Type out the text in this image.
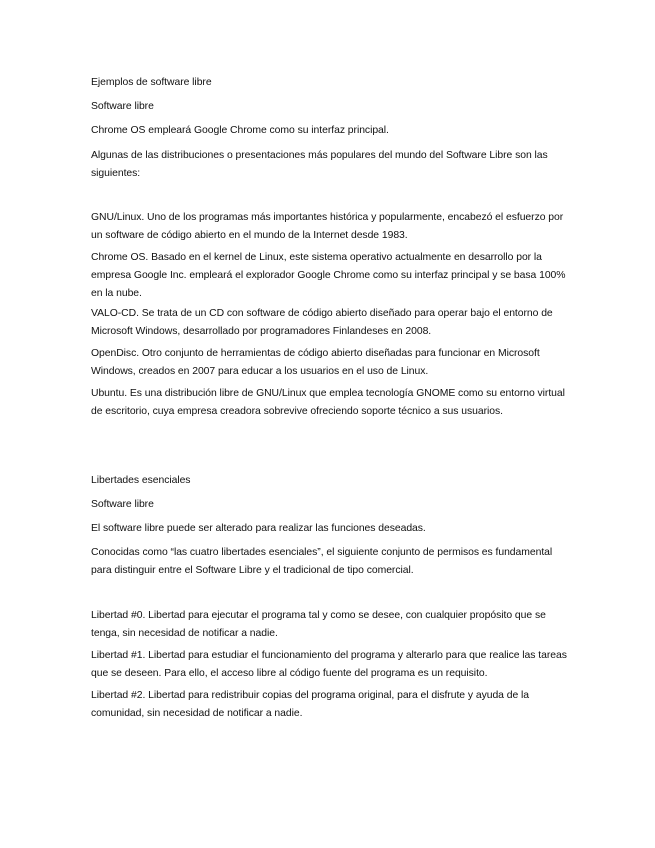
Ejemplos de software libre

Software libre

Chrome OS empleará Google Chrome como su interfaz principal.

Algunas de las distribuciones o presentaciones más populares del mundo del Software Libre son las siguientes:

GNU/Linux. Uno de los programas más importantes histórica y popularmente, encabezó el esfuerzo por un software de código abierto en el mundo de la Internet desde 1983.

Chrome OS. Basado en el kernel de Linux, este sistema operativo actualmente en desarrollo por la empresa Google Inc. empleará el explorador Google Chrome como su interfaz principal y se basa 100% en la nube.

VALO-CD. Se trata de un CD con software de código abierto diseñado para operar bajo el entorno de Microsoft Windows, desarrollado por programadores Finlandeses en 2008.

OpenDisc. Otro conjunto de herramientas de código abierto diseñadas para funcionar en Microsoft Windows, creados en 2007 para educar a los usuarios en el uso de Linux.

Ubuntu. Es una distribución libre de GNU/Linux que emplea tecnología GNOME como su entorno virtual de escritorio, cuya empresa creadora sobrevive ofreciendo soporte técnico a sus usuarios.

Libertades esenciales

Software libre

El software libre puede ser alterado para realizar las funciones deseadas.

Conocidas como “las cuatro libertades esenciales”, el siguiente conjunto de permisos es fundamental para distinguir entre el Software Libre y el tradicional de tipo comercial.

Libertad #0. Libertad para ejecutar el programa tal y como se desee, con cualquier propósito que se tenga, sin necesidad de notificar a nadie.

Libertad #1. Libertad para estudiar el funcionamiento del programa y alterarlo para que realice las tareas que se deseen. Para ello, el acceso libre al código fuente del programa es un requisito.

Libertad #2. Libertad para redistribuir copias del programa original, para el disfrute y ayuda de la comunidad, sin necesidad de notificar a nadie.
